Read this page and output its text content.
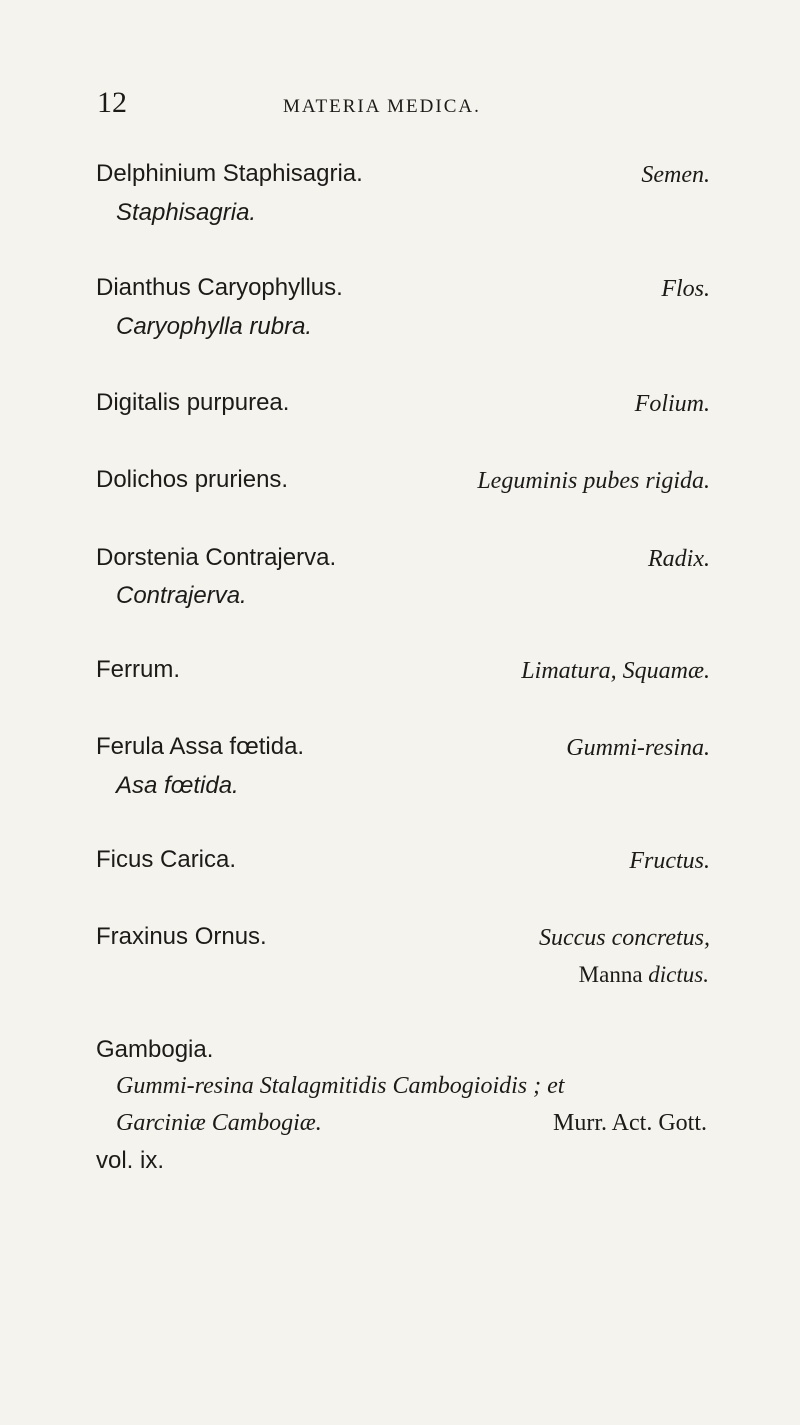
12	MATERIA MEDICA.
Delphinium Staphisagria.	Semen.
Staphisagria.
Dianthus Caryophyllus.	Flos.
Caryophylla rubra.
Digitalis purpurea.	Folium.
Dolichos pruriens.	Leguminis pubes rigida.
Dorstenia Contrajerva.	Radix.
Contrajerva.
Ferrum.	Limatura, Squamæ.
Ferula Assa fœtida.	Gummi-resina.
Asa fœtida.
Ficus Carica.	Fructus.
Fraxinus Ornus.	Succus concretus,
Manna dictus.
Gambogia.
Gummi-resina Stalagmitidis Cambogioidis ; et
Garciniæ Cambogiæ.	Murr. Act. Gott.
vol. ix.
